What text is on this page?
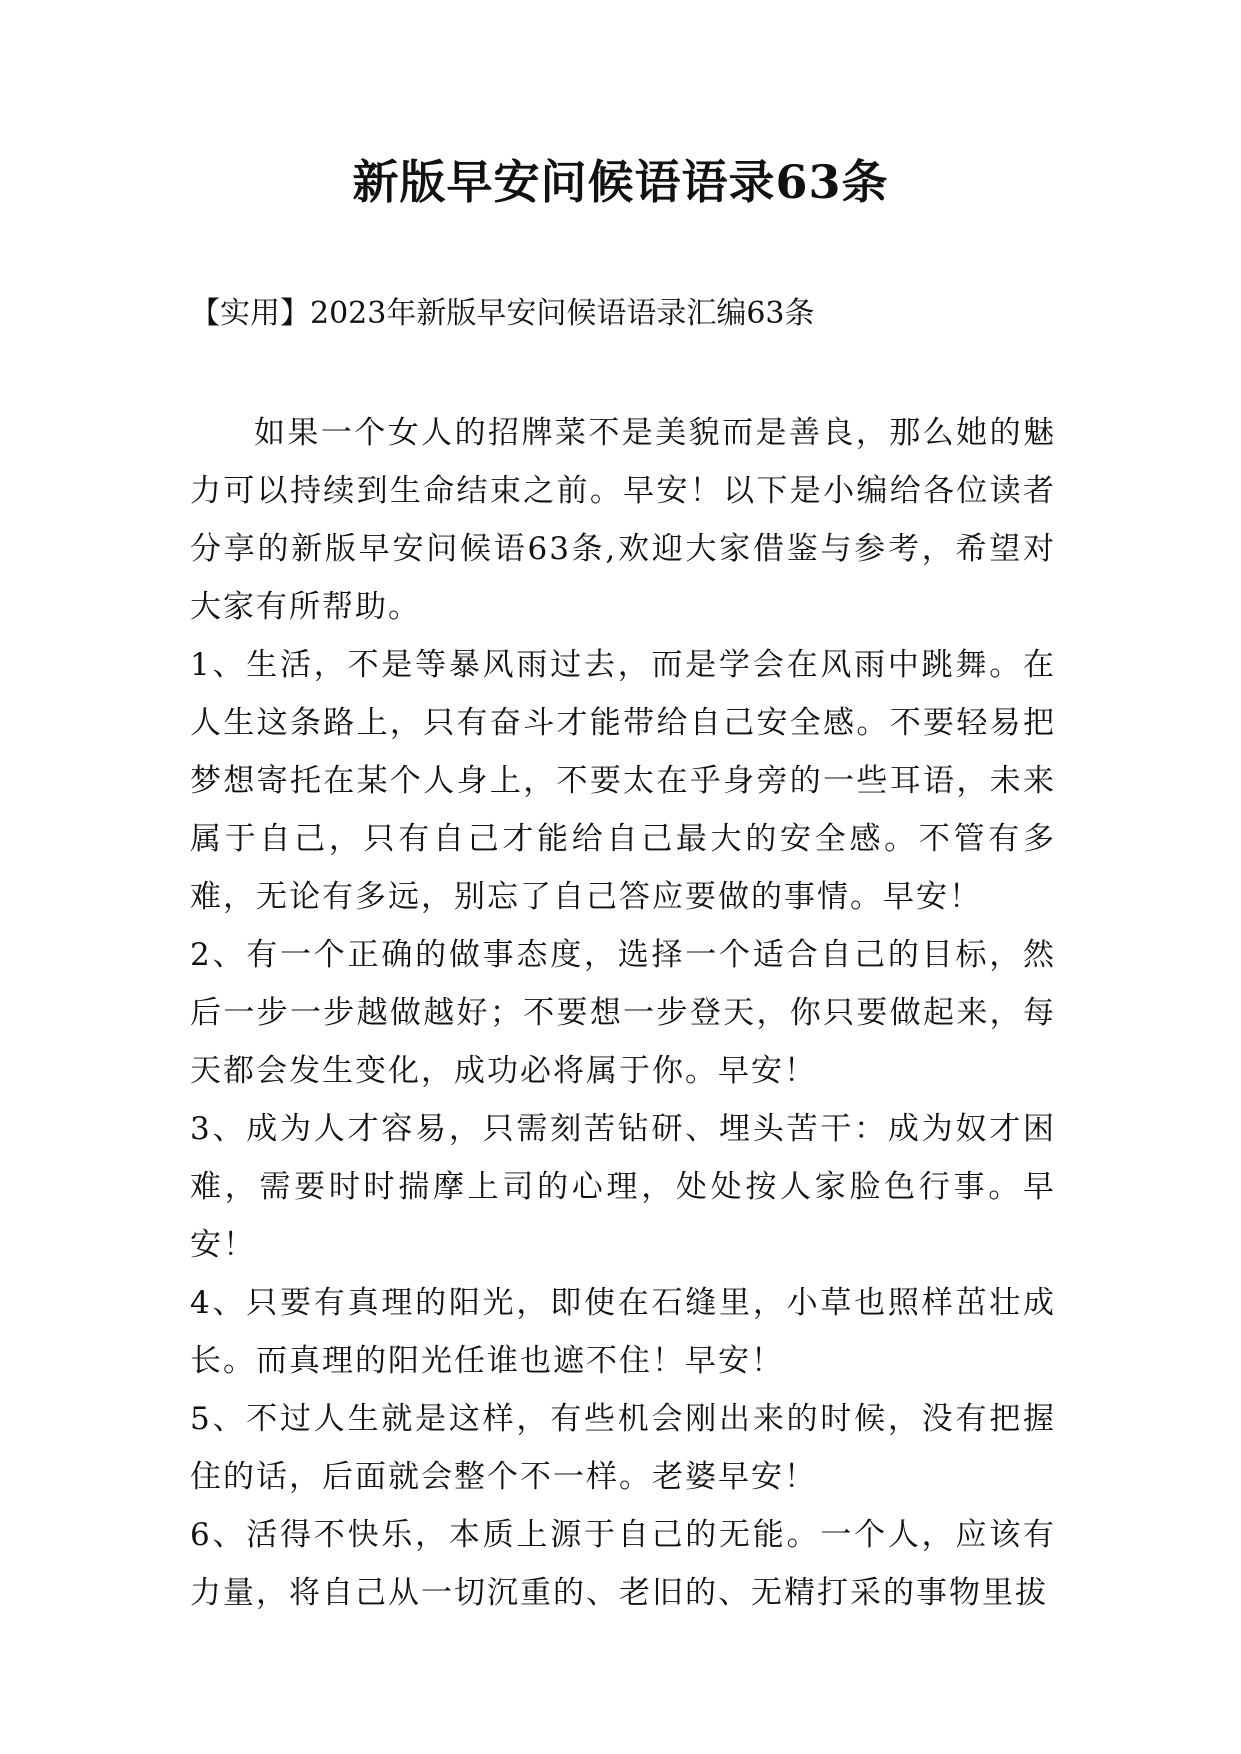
新版早安问候语语录63条

【实用】2023年新版早安问候语语录汇编63条

如果一个女人的招牌菜不是美貌而是善良，那么她的魅力可以持续到生命结束之前。早安！以下是小编给各位读者分享的新版早安问候语63条,欢迎大家借鉴与参考，希望对大家有所帮助。

1、生活，不是等暴风雨过去，而是学会在风雨中跳舞。在人生这条路上，只有奋斗才能带给自己安全感。不要轻易把梦想寄托在某个人身上，不要太在乎身旁的一些耳语，未来属于自己，只有自己才能给自己最大的安全感。不管有多难，无论有多远，别忘了自己答应要做的事情。早安！

2、有一个正确的做事态度，选择一个适合自己的目标，然后一步一步越做越好；不要想一步登天，你只要做起来，每天都会发生变化，成功必将属于你。早安！

3、成为人才容易，只需刻苦钻研、埋头苦干：成为奴才困难，需要时时揣摩上司的心理，处处按人家脸色行事。早安！

4、只要有真理的阳光，即使在石缝里，小草也照样茁壮成长。而真理的阳光任谁也遮不住！早安！

5、不过人生就是这样，有些机会刚出来的时候，没有把握住的话，后面就会整个不一样。老婆早安！

6、活得不快乐，本质上源于自己的无能。一个人，应该有力量，将自己从一切沉重的、老旧的、无精打采的事物里拔
